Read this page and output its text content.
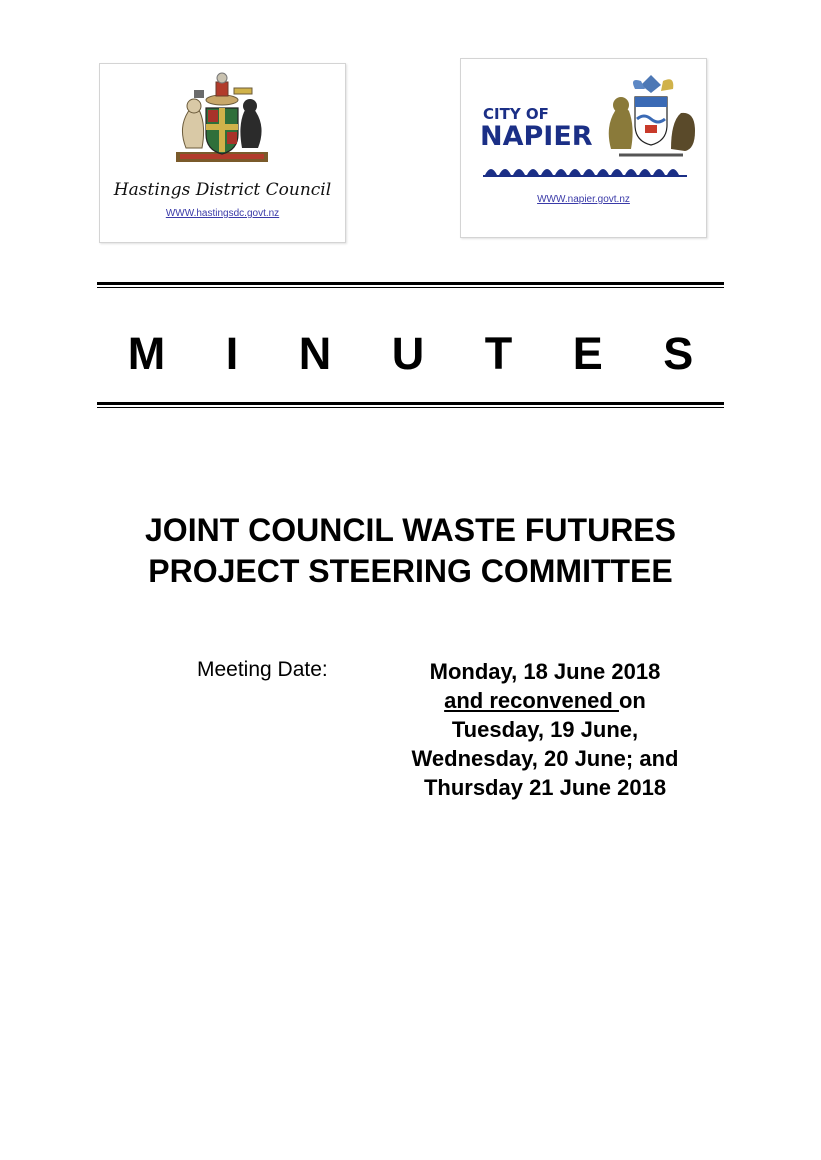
Hastings District Council
WWW.hastingsdc.govt.nz
CITY OF
NAPIER
WWW.napier.govt.nz
M I N U T E S
JOINT COUNCIL WASTE FUTURES
PROJECT STEERING COMMITTEE
Meeting Date:	Monday, 18 June 2018
and reconvened on
Tuesday, 19 June,
Wednesday, 20 June; and
Thursday 21 June 2018
